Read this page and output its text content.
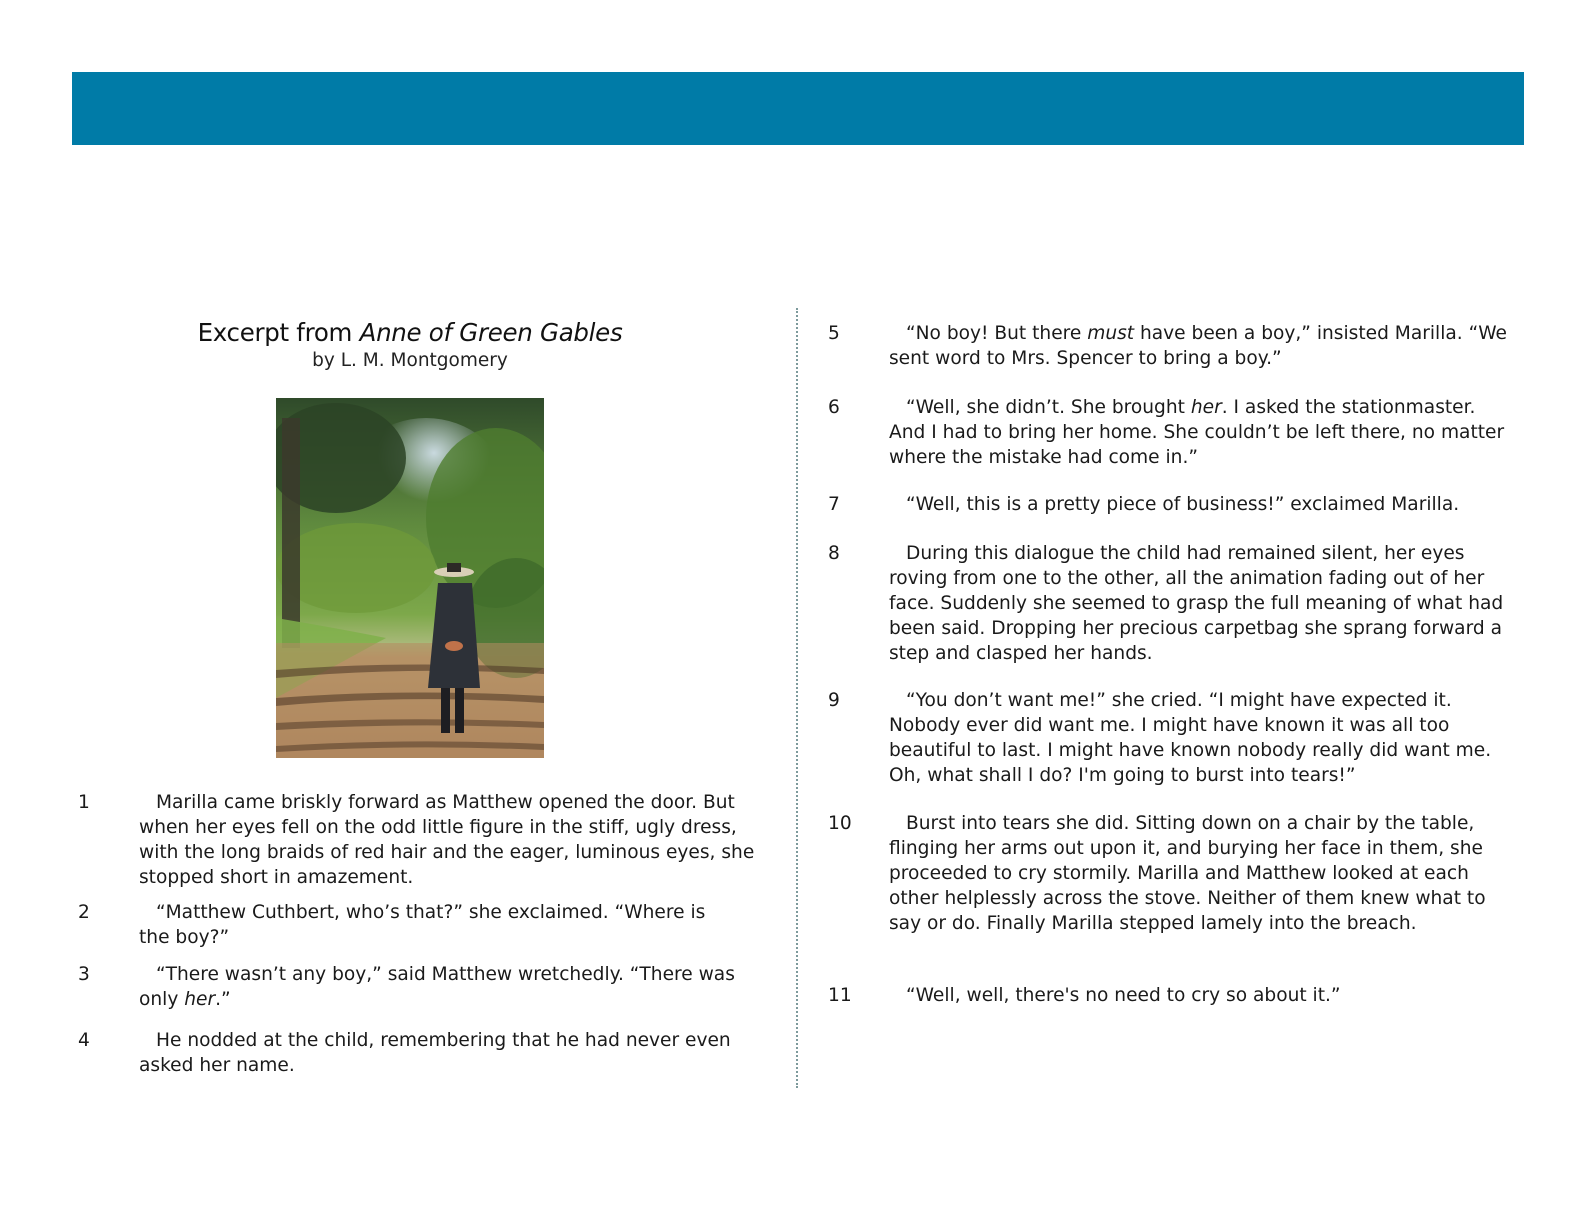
Excerpt from Anne of Green Gables
by L. M. Montgomery
1	Marilla came briskly forward as Matthew opened the door. But when her eyes fell on the odd little figure in the stiff, ugly dress, with the long braids of red hair and the eager, luminous eyes, she stopped short in amazement.
2	“Matthew Cuthbert, who’s that?” she exclaimed. “Where is the boy?”
3	“There wasn’t any boy,” said Matthew wretchedly. “There was only her.”
4	He nodded at the child, remembering that he had never even asked her name.
5	“No boy! But there must have been a boy,” insisted Marilla. “We sent word to Mrs. Spencer to bring a boy.”
6	“Well, she didn’t. She brought her. I asked the stationmaster. And I had to bring her home. She couldn’t be left there, no matter where the mistake had come in.”
7	“Well, this is a pretty piece of business!” exclaimed Marilla.
8	During this dialogue the child had remained silent, her eyes roving from one to the other, all the animation fading out of her face. Suddenly she seemed to grasp the full meaning of what had been said. Dropping her precious carpetbag she sprang forward a step and clasped her hands.
9	“You don’t want me!” she cried. “I might have expected it. Nobody ever did want me. I might have known it was all too beautiful to last. I might have known nobody really did want me. Oh, what shall I do? I'm going to burst into tears!”
10	Burst into tears she did. Sitting down on a chair by the table, flinging her arms out upon it, and burying her face in them, she proceeded to cry stormily. Marilla and Matthew looked at each other helplessly across the stove. Neither of them knew what to say or do. Finally Marilla stepped lamely into the breach.
11	“Well, well, there's no need to cry so about it.”
